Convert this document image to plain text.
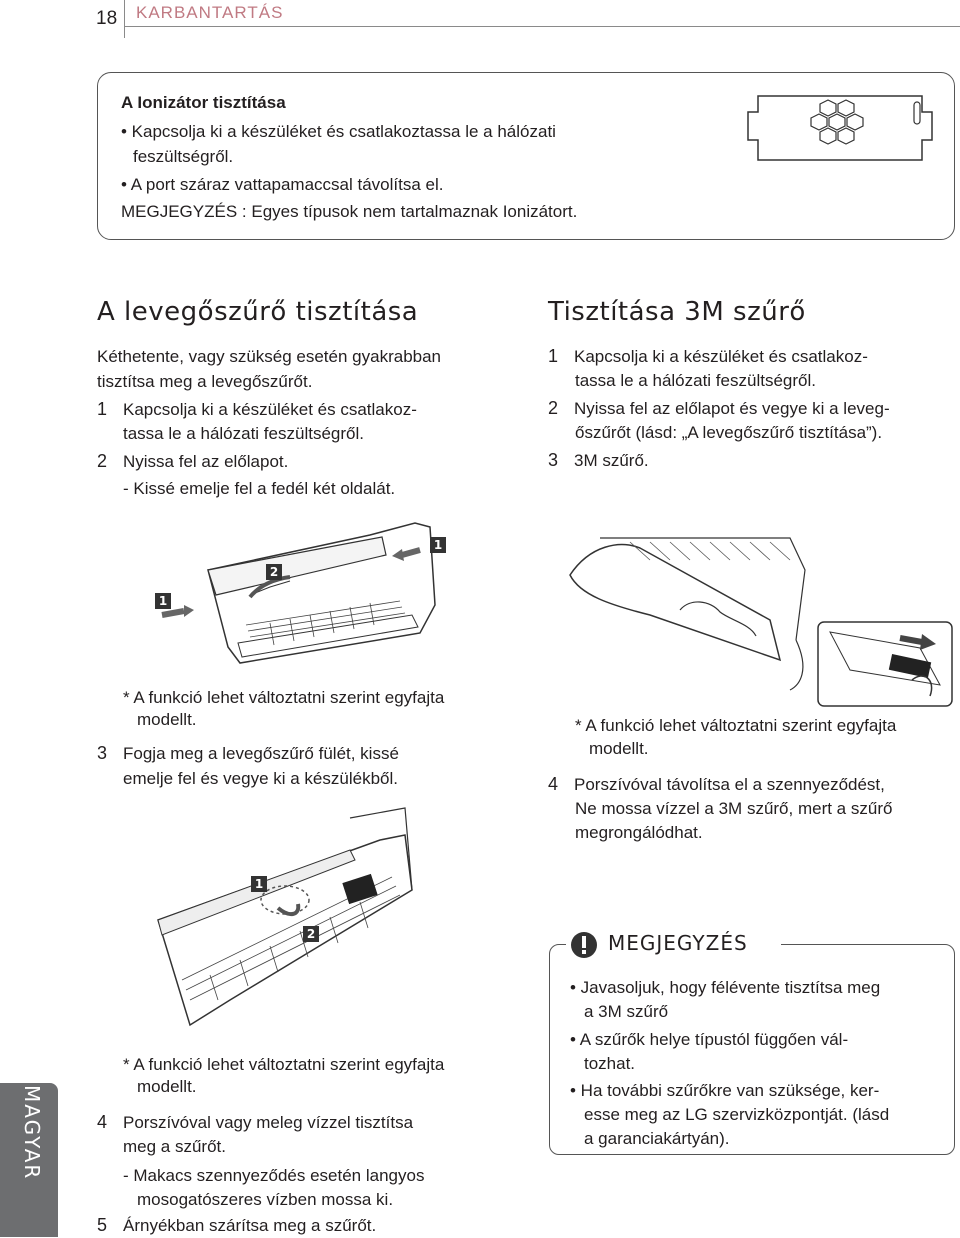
18 KARBANTARTÁS
A Ionizátor tisztítása
• Kapcsolja ki a készüléket és csatlakoztassa le a hálózati
feszültségről.
• A port száraz vattapamaccsal távolítsa el.
MEGJEGYZÉS : Egyes típusok nem tartalmaznak Ionizátort.
A levegőszűrő tisztítása
Kéthetente, vagy szükség esetén gyakrabban
tisztítsa meg a levegőszűrőt.
1 Kapcsolja ki a készüléket és csatlakoz-
tassa le a hálózati feszültségről.
2 Nyissa fel az előlapot.
- Kissé emelje fel a fedél két oldalát.
1
2
1
* A funkció lehet változtatni szerint egyfajta
modellt.
3 Fogja meg a levegőszűrő fülét, kissé
emelje fel és vegye ki a készülékből.
1
2
* A funkció lehet változtatni szerint egyfajta
modellt.
4 Porszívóval vagy meleg vízzel tisztítsa
meg a szűrőt.
- Makacs szennyeződés esetén langyos
mosogatószeres vízben mossa ki.
5 Árnyékban szárítsa meg a szűrőt.
Tisztítása 3M szűrő
1 Kapcsolja ki a készüléket és csatlakoz-
tassa le a hálózati feszültségről.
2 Nyissa fel az előlapot és vegye ki a leveg-
őszűrőt (lásd: „A levegőszűrő tisztítása”).
3 3M szűrő.
* A funkció lehet változtatni szerint egyfajta
modellt.
4 Porszívóval távolítsa el a szennyeződést,
Ne mossa vízzel a 3M szűrő, mert a szűrő
megrongálódhat.
MEGJEGYZÉS
• Javasoljuk, hogy félévente tisztítsa meg
a 3M szűrő
• A szűrők helye típustól függően vál-
tozhat.
• Ha további szűrőkre van szüksége, ker-
esse meg az LG szervizközpontját. (lásd
a garanciakártyán).
MAGYAR
